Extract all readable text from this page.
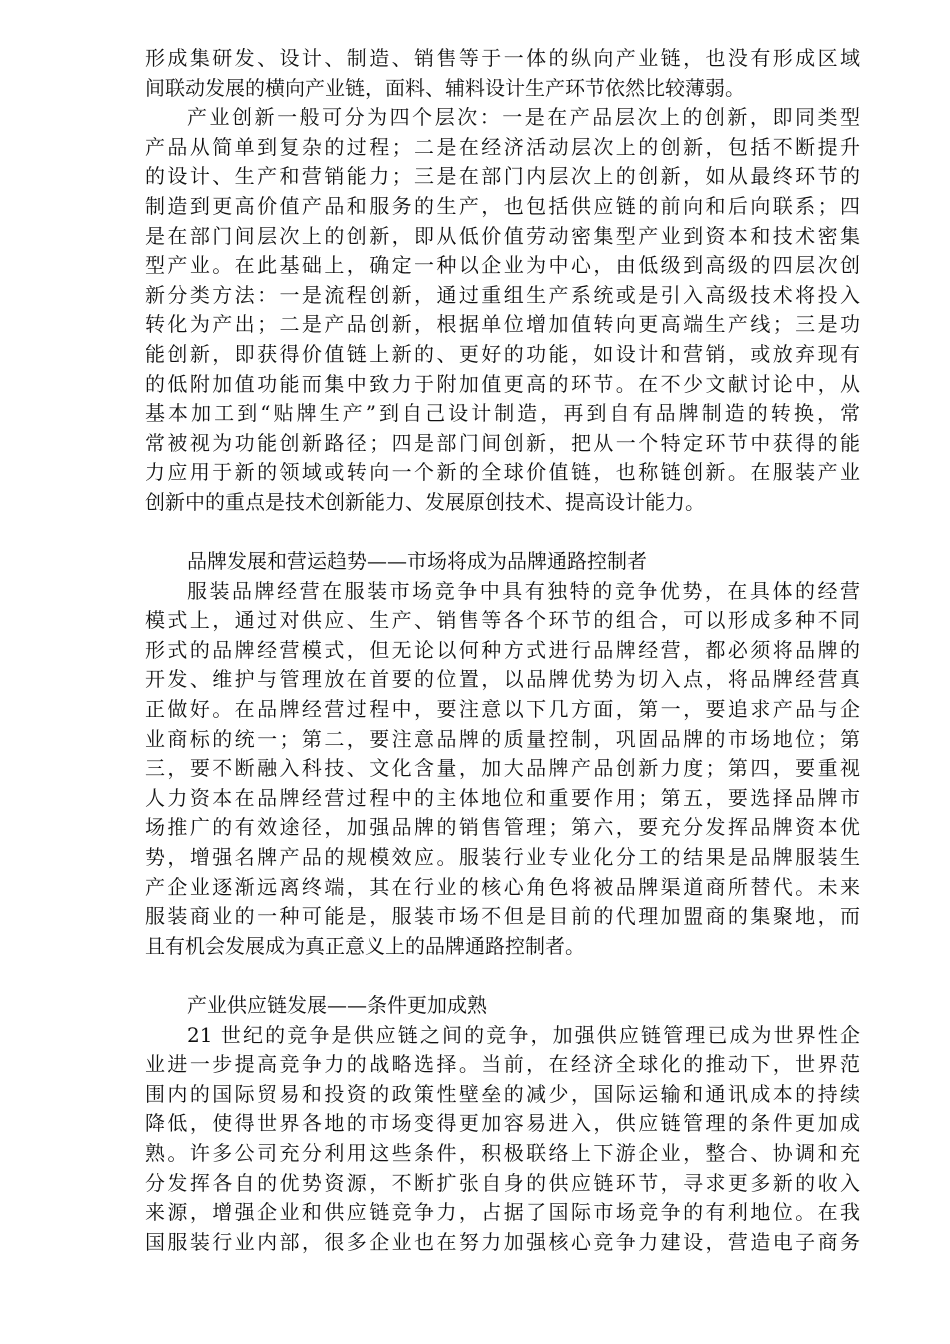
形成集研发、设计、制造、销售等于一体的纵向产业链，也没有形成区域
间联动发展的横向产业链，面料、辅料设计生产环节依然比较薄弱。
产业创新一般可分为四个层次：一是在产品层次上的创新，即同类型
产品从简单到复杂的过程；二是在经济活动层次上的创新，包括不断提升
的设计、生产和营销能力；三是在部门内层次上的创新，如从最终环节的
制造到更高价值产品和服务的生产，也包括供应链的前向和后向联系；四
是在部门间层次上的创新，即从低价值劳动密集型产业到资本和技术密集
型产业。在此基础上，确定一种以企业为中心，由低级到高级的四层次创
新分类方法：一是流程创新，通过重组生产系统或是引入高级技术将投入
转化为产出；二是产品创新，根据单位增加值转向更高端生产线；三是功
能创新，即获得价值链上新的、更好的功能，如设计和营销，或放弃现有
的低附加值功能而集中致力于附加值更高的环节。在不少文献讨论中，从
基本加工到“贴牌生产”到自己设计制造，再到自有品牌制造的转换，常
常被视为功能创新路径；四是部门间创新，把从一个特定环节中获得的能
力应用于新的领域或转向一个新的全球价值链，也称链创新。在服装产业
创新中的重点是技术创新能力、发展原创技术、提高设计能力。
品牌发展和营运趋势——市场将成为品牌通路控制者
服装品牌经营在服装市场竞争中具有独特的竞争优势，在具体的经营
模式上，通过对供应、生产、销售等各个环节的组合，可以形成多种不同
形式的品牌经营模式，但无论以何种方式进行品牌经营，都必须将品牌的
开发、维护与管理放在首要的位置，以品牌优势为切入点，将品牌经营真
正做好。在品牌经营过程中，要注意以下几方面，第一，要追求产品与企
业商标的统一；第二，要注意品牌的质量控制，巩固品牌的市场地位；第
三，要不断融入科技、文化含量，加大品牌产品创新力度；第四，要重视
人力资本在品牌经营过程中的主体地位和重要作用；第五，要选择品牌市
场推广的有效途径，加强品牌的销售管理；第六，要充分发挥品牌资本优
势，增强名牌产品的规模效应。服装行业专业化分工的结果是品牌服装生
产企业逐渐远离终端，其在行业的核心角色将被品牌渠道商所替代。未来
服装商业的一种可能是，服装市场不但是目前的代理加盟商的集聚地，而
且有机会发展成为真正意义上的品牌通路控制者。
产业供应链发展——条件更加成熟
21 世纪的竞争是供应链之间的竞争，加强供应链管理已成为世界性企
业进一步提高竞争力的战略选择。当前，在经济全球化的推动下，世界范
围内的国际贸易和投资的政策性壁垒的减少，国际运输和通讯成本的持续
降低，使得世界各地的市场变得更加容易进入，供应链管理的条件更加成
熟。许多公司充分利用这些条件，积极联络上下游企业，整合、协调和充
分发挥各自的优势资源，不断扩张自身的供应链环节，寻求更多新的收入
来源，增强企业和供应链竞争力，占据了国际市场竞争的有利地位。在我
国服装行业内部，很多企业也在努力加强核心竞争力建设，营造电子商务
